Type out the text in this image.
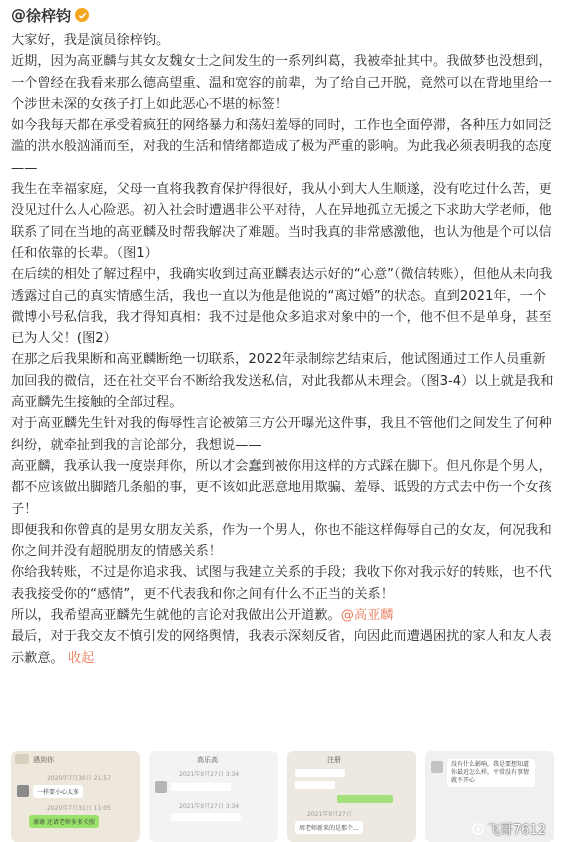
@ 徐梓钧

大家好，我是演员徐梓钧。

近期，因为高亚麟与其女友魏女士之间发生的一系列纠葛，我被牵扯其中。我做梦也没想到，一个曾经在我看来那么德高望重、温和宽容的前辈，为了给自己开脱，竟然可以在背地里给一个涉世未深的女孩子打上如此恶心不堪的标签！

如今我每天都在承受着疯狂的网络暴力和荡妇羞辱的同时，工作也全面停滞，各种压力如同泛滥的洪水般汹涌而至，对我的生活和情绪都造成了极为严重的影响。为此我必须表明我的态度——

我生在幸福家庭，父母一直将我教育保护得很好，我从小到大人生顺遂，没有吃过什么苦，更没见过什么人心险恶。初入社会时遭遇非公平对待，人在异地孤立无援之下求助大学老师，他联系了同在当地的高亚麟及时帮我解决了难题。当时我真的非常感激他，也认为他是个可以信任和依靠的长辈。（图1）

在后续的相处了解过程中，我确实收到过高亚麟表达示好的“心意”（微信转账），但他从未向我透露过自己的真实情感生活，我也一直以为他是他说的“离过婚”的状态。直到2021年，一个微博小号私信我，我才得知真相：我不过是他众多追求对象中的一个，他不但不是单身，甚至已为人父！(图2）

在那之后我果断和高亚麟断绝一切联系，2022年录制综艺结束后，他试图通过工作人员重新加回我的微信，还在社交平台不断给我发送私信，对此我都从未理会。（图3-4）以上就是我和高亚麟先生接触的全部过程。

对于高亚麟先生针对我的侮辱性言论被第三方公开曝光这件事，我且不管他们之间发生了何种纠纷，就牵扯到我的言论部分，我想说——

高亚麟，我承认我一度崇拜你，所以才会蠢到被你用这样的方式踩在脚下。但凡你是个男人，都不应该做出脚踏几条船的事，更不该如此恶意地用欺骗、羞辱、诋毁的方式去中伤一个女孩子！

即便我和你曾真的是男女朋友关系，作为一个男人，你也不能这样侮辱自己的女友，何况我和你之间并没有超脱朋友的情感关系！

你给我转账，不过是你追求我、试图与我建立关系的手段；我收下你对我示好的转账，也不代表我接受你的“感情”，更不代表我和你之间有什么不正当的关系！

所以，我希望高亚麟先生就他的言论对我做出公开道歉。@高亚麟

最后，对于我交友不慎引发的网络舆情，我表示深刻反省，向因此而遭遇困扰的家人和友人表示歉意。 收起

遇到你
2020年7月30日 21:57
一样要小心太多
2020年7月31日 11:05
谢谢 还请老师多多关照
高乐高
2021年9月27日 3:34
2021年9月27日 3:34
注册
2021年9月27日
周老师新来的是那个...
没有什么影响，我是要想知道你最近怎么样，平常没有事情就不开心
飞哥7612
